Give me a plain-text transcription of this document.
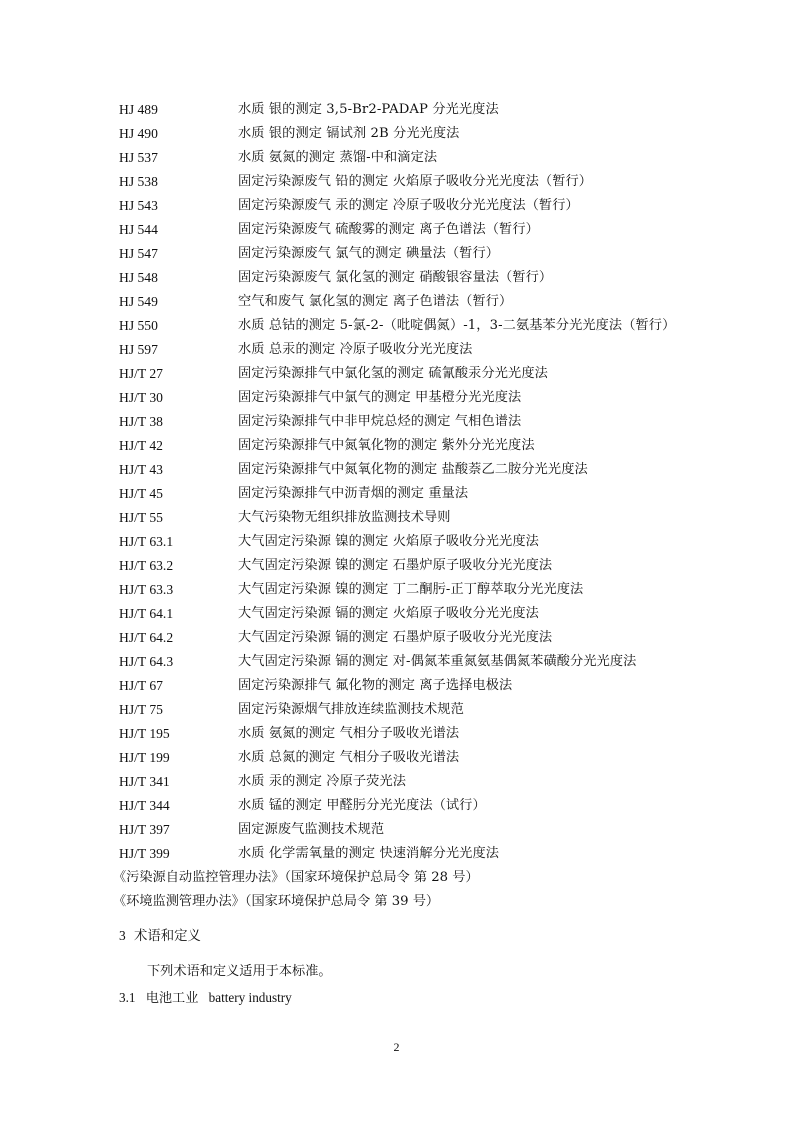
HJ 489	水质 银的测定 3,5-Br2-PADAP 分光光度法
HJ 490	水质 银的测定 镉试剂 2B 分光光度法
HJ 537	水质 氨氮的测定 蒸馏-中和滴定法
HJ 538	固定污染源废气 铅的测定 火焰原子吸收分光光度法（暂行）
HJ 543	固定污染源废气 汞的测定 冷原子吸收分光光度法（暂行）
HJ 544	固定污染源废气 硫酸雾的测定 离子色谱法（暂行）
HJ 547	固定污染源废气 氯气的测定 碘量法（暂行）
HJ 548	固定污染源废气 氯化氢的测定 硝酸银容量法（暂行）
HJ 549	空气和废气 氯化氢的测定 离子色谱法（暂行）
HJ 550	水质 总钴的测定 5-氯-2-（吡啶偶氮）-1，3-二氨基苯分光光度法（暂行）
HJ 597	水质 总汞的测定 冷原子吸收分光光度法
HJ/T 27	固定污染源排气中氯化氢的测定 硫氰酸汞分光光度法
HJ/T 30	固定污染源排气中氯气的测定 甲基橙分光光度法
HJ/T 38	固定污染源排气中非甲烷总烃的测定 气相色谱法
HJ/T 42	固定污染源排气中氮氧化物的测定 紫外分光光度法
HJ/T 43	固定污染源排气中氮氧化物的测定 盐酸萘乙二胺分光光度法
HJ/T 45	固定污染源排气中沥青烟的测定 重量法
HJ/T 55	大气污染物无组织排放监测技术导则
HJ/T 63.1	大气固定污染源 镍的测定 火焰原子吸收分光光度法
HJ/T 63.2	大气固定污染源 镍的测定 石墨炉原子吸收分光光度法
HJ/T 63.3	大气固定污染源 镍的测定 丁二酮肟-正丁醇萃取分光光度法
HJ/T 64.1	大气固定污染源 镉的测定 火焰原子吸收分光光度法
HJ/T 64.2	大气固定污染源 镉的测定 石墨炉原子吸收分光光度法
HJ/T 64.3	大气固定污染源 镉的测定 对-偶氮苯重氮氨基偶氮苯磺酸分光光度法
HJ/T 67	固定污染源排气 氟化物的测定 离子选择电极法
HJ/T 75	固定污染源烟气排放连续监测技术规范
HJ/T 195	水质 氨氮的测定 气相分子吸收光谱法
HJ/T 199	水质 总氮的测定 气相分子吸收光谱法
HJ/T 341	水质 汞的测定 冷原子荧光法
HJ/T 344	水质 锰的测定 甲醛肟分光光度法（试行）
HJ/T 397	固定源废气监测技术规范
HJ/T 399	水质 化学需氧量的测定 快速消解分光光度法
《污染源自动监控管理办法》（国家环境保护总局令 第 28 号）
《环境监测管理办法》（国家环境保护总局令 第 39 号）
3 术语和定义
下列术语和定义适用于本标准。
3.1 电池工业 battery industry
2
